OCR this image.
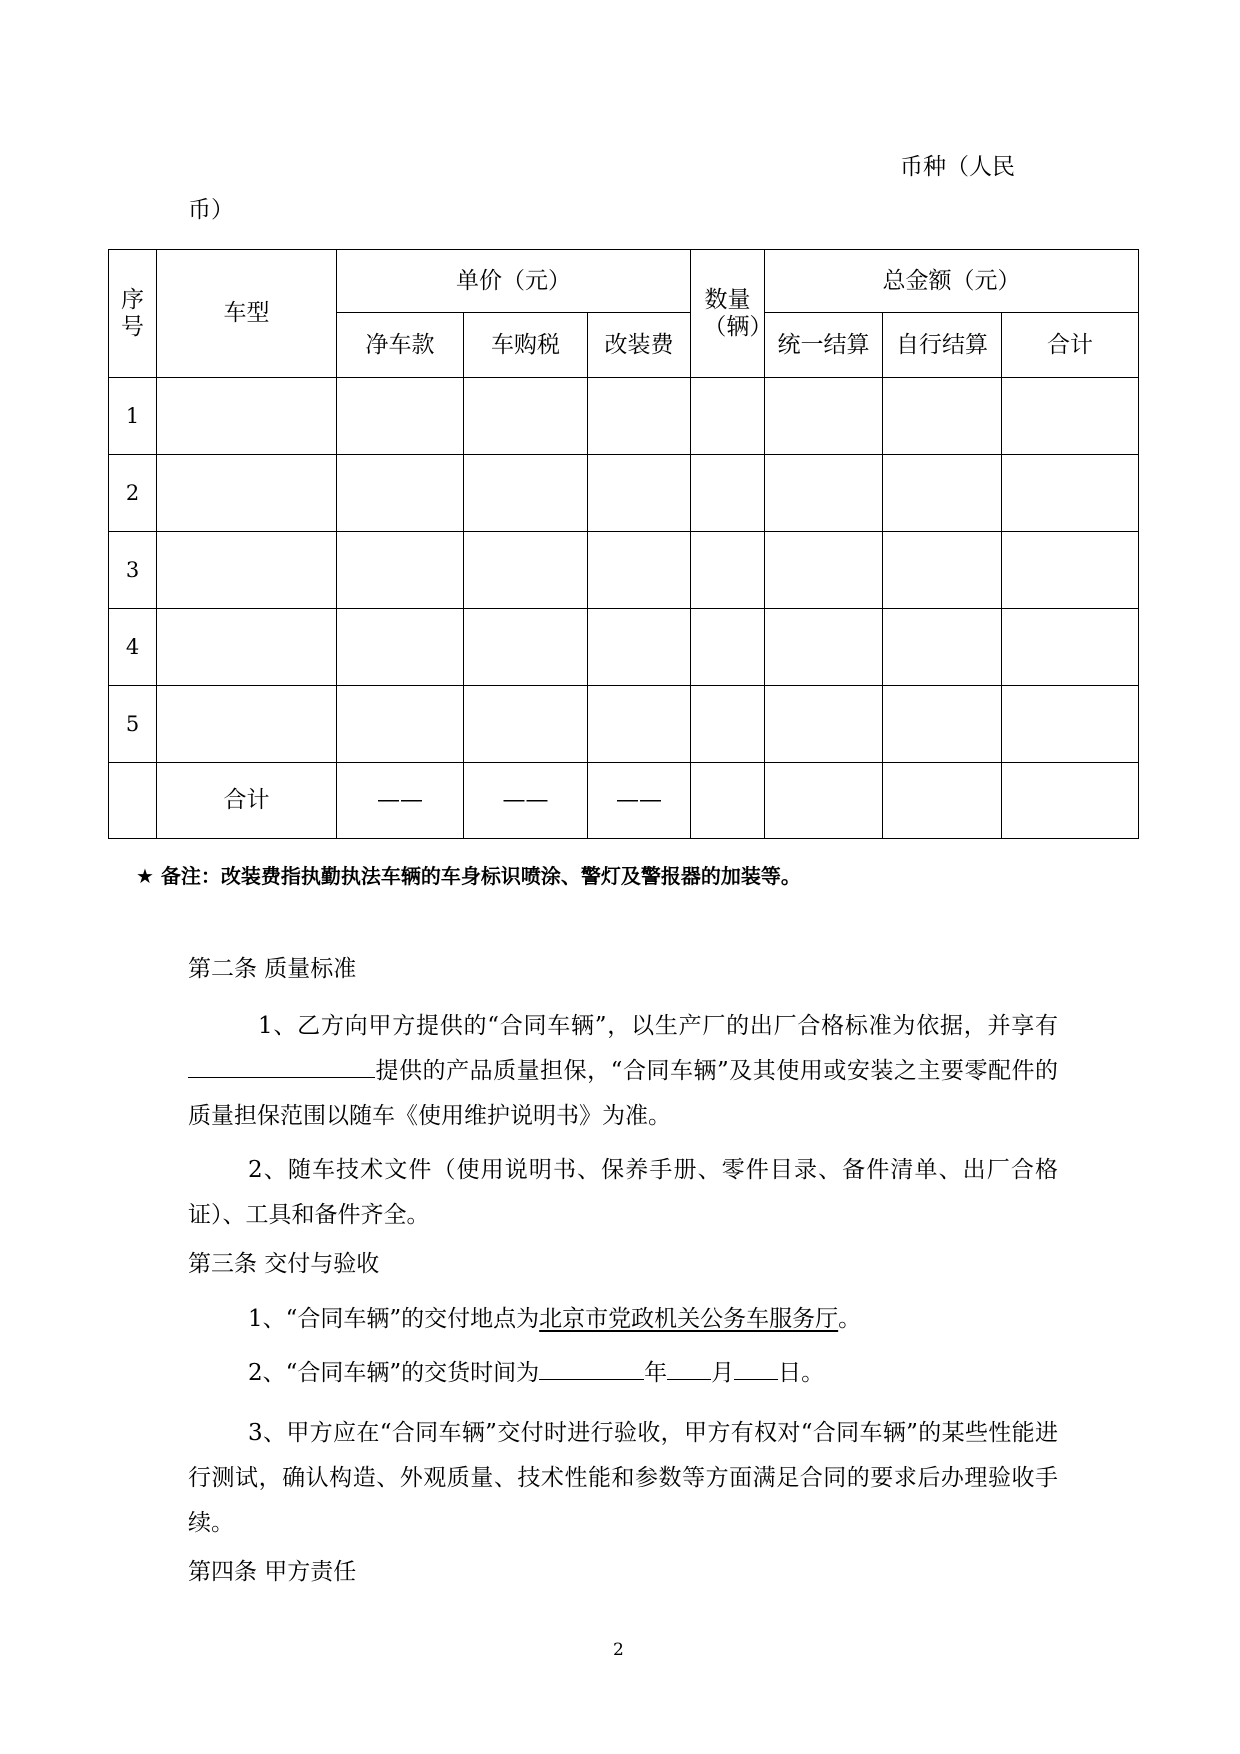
币种（人民
币）
序号	车型	单价（元）			数量（辆）	总金额（元）		
		净车款	车购税	改装费		统一结算	自行结算	合计
1								
2								
3								
4								
5								
	合计	——	——	——				
★ 备注：改装费指执勤执法车辆的车身标识喷涂、警灯及警报器的加装等。
第二条 质量标准

1、乙方向甲方提供的“合同车辆”，以生产厂的出厂合格标准为依据，并享有提供的产品质量担保，“合同车辆”及其使用或安装之主要零配件的质量担保范围以随车《使用维护说明书》为准。

2、随车技术文件（使用说明书、保养手册、零件目录、备件清单、出厂合格证）、工具和备件齐全。

第三条 交付与验收

1、“合同车辆”的交付地点为北京市党政机关公务车服务厅。

2、“合同车辆”的交货时间为	年 月 日。

3、甲方应在“合同车辆”交付时进行验收，甲方有权对“合同车辆”的某些性能进行测试，确认构造、外观质量、技术性能和参数等方面满足合同的要求后办理验收手续。

第四条 甲方责任
2
